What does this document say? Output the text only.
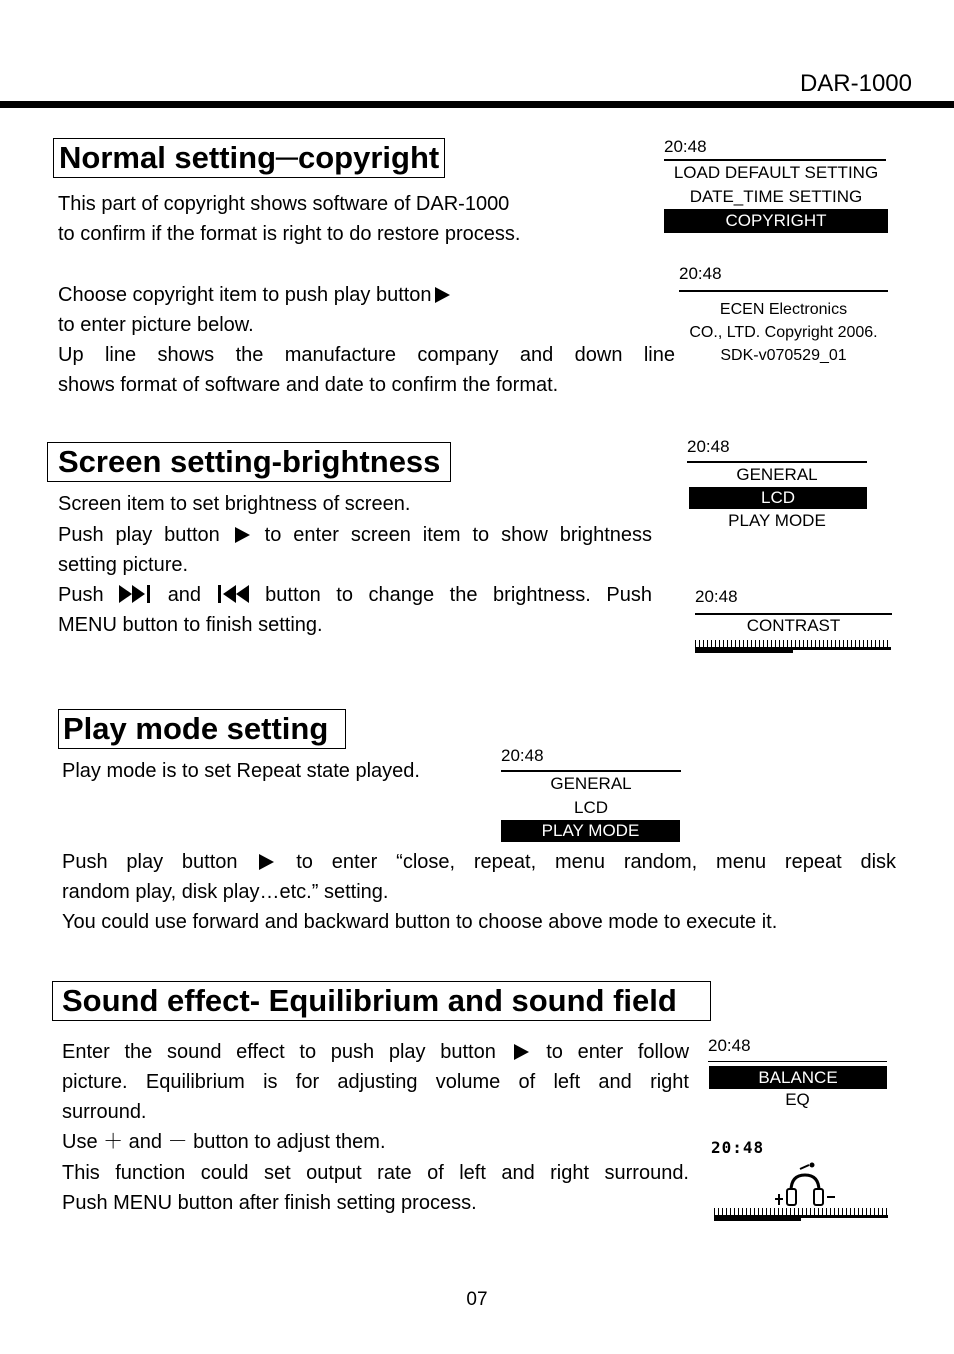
DAR-1000
Normal setting─copyright
This part of copyright shows software of DAR-1000
to confirm if the format is right to do restore process.
Choose copyright item to push play button
to enter picture below.
Up line shows the manufacture company and down line
shows format of software and date to confirm the format.
20:48
LOAD DEFAULT SETTING
DATE_TIME SETTING
COPYRIGHT
20:48
ECEN Electronics
CO., LTD. Copyright 2006.
SDK-v070529_01
Screen setting-brightness
Screen item to set brightness of screen.
Push play button to enter screen item to show brightness
setting picture.
Push	and	button to change the brightness. Push
MENU button to finish setting.
20:48
GENERAL
LCD
PLAY MODE
20:48
CONTRAST
Play mode setting
Play mode is to set Repeat state played.
20:48
GENERAL
LCD
PLAY MODE
Push play button	to enter “close, repeat, menu random, menu repeat disk
random play, disk play…etc.” setting.
You could use forward and backward button to choose above mode to execute it.
Sound effect- Equilibrium and sound field
Enter the sound effect to push play button	to enter follow
picture. Equilibrium is for adjusting volume of left and right
surround.
Use ＋ and － button to adjust them.
This function could set output rate of left and right surround.
Push MENU button after finish setting process.
20:48
BALANCE
EQ
20:48
07
